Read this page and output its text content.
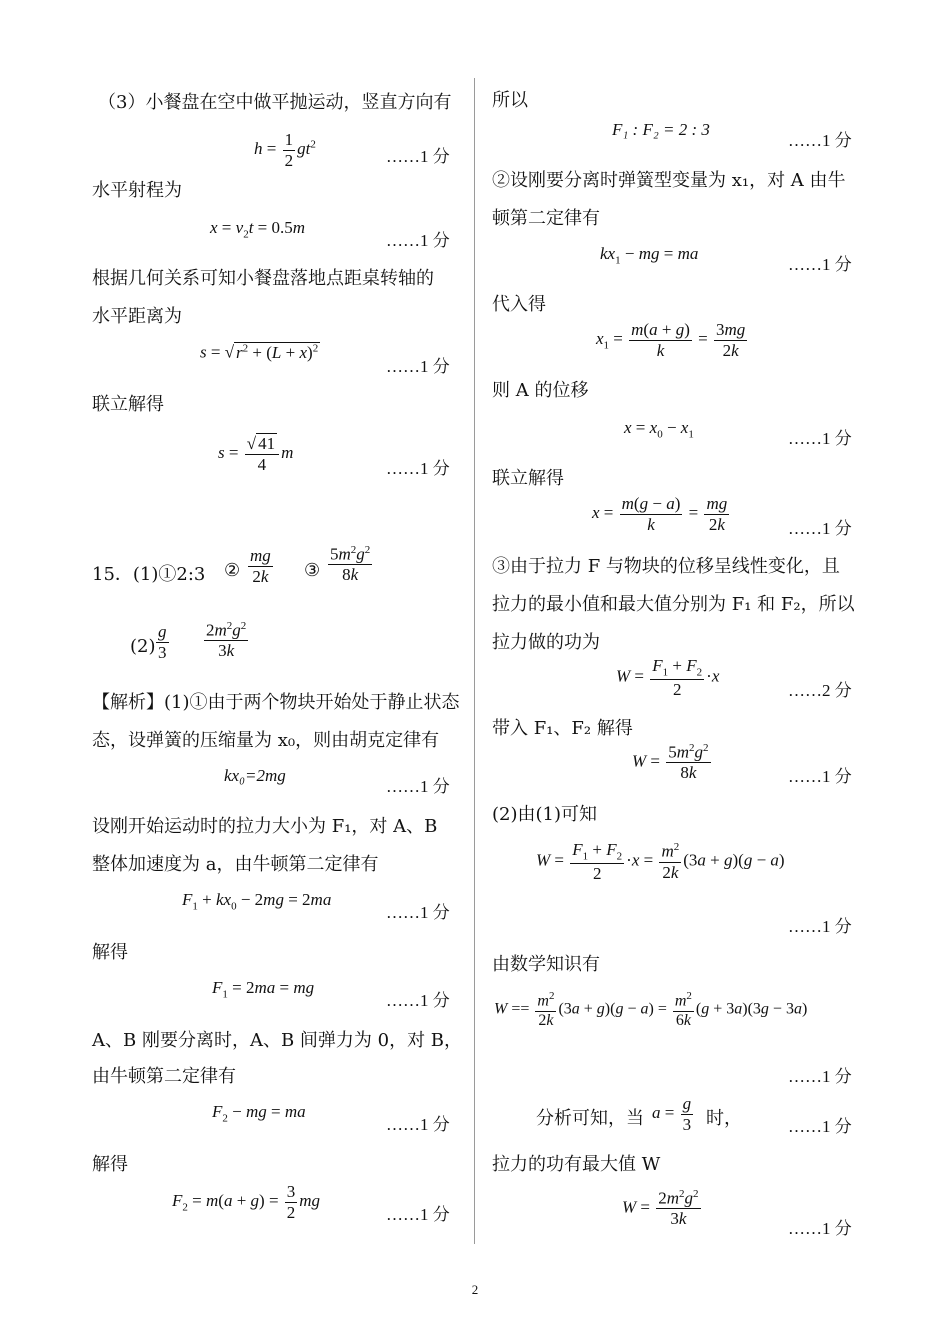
（3）小餐盘在空中做平抛运动，竖直方向有
$h = \frac{1}{2} gt^2$
……1 分
水平射程为
$x = v_2t = 0.5m$
……1 分
根据几何关系可知小餐盘落地点距桌转轴的
水平距离为
s = √ $r^2 + (L + x)^2$
……1 分
联立解得
$s = \frac{√ 41}{4}$ m
……1 分
15．(1)①2:3 ② $\frac{mg}{2k}$ ③ $\frac{5m^2g^2}{8k}$
$(2) \frac{g}{3} \frac{2m^2g^2}{3k}$
【解析】(1)①由于两个物块开始处于静止状态
态，设弹簧的压缩量为 x₀，则由胡克定律有
kx₀=2mg
……1 分
设刚开始运动时的拉力大小为 F₁，对 A、B
整体加速度为 a，由牛顿第二定律有
$F_1 + kx_0 - 2mg = 2ma$
……1 分
解得
$F_1 = 2ma$ = mg
……1 分
A、B 刚要分离时，A、B 间弹力为 0，对 B，
由牛顿第二定律有
$F_2$ − mg = ma
……1 分
解得
$F_2 = m(a + g) = \frac{3}{2}$ mg
……1 分
所以
F₁ : F₂ = 2 : 3
……1 分
②设刚要分离时弹簧型变量为 x₁，对 A 由牛
顿第二定律有
$kx_1$ − mg = ma
……1 分
代入得
$x_1 = \frac{m(a + g)}{k} = \frac{3mg}{2k}$
则 A 的位移
$x = x_0 - x_1$	……1 分
联立解得
$x = \frac{m(g - a)}{k} = \frac{mg}{2k}$	……1 分
③由于拉力 F 与物块的位移呈线性变化，且
拉力的最小值和最大值分别为 F₁ 和 F₂，所以
拉力做的功为
$W = \frac{F_1 + F_2}{2} \cdot x$
……2 分
带入 F₁、F₂ 解得
$W = \frac{5m^2g^2}{8k}$	……1 分
(2)由(1)可知
$W = \frac{F_1 + F_2}{2} \cdot x = \frac{m^2}{2k} (3a + g)(g - a)$
……1 分
由数学知识有
$W == \frac{m^2}{2k} (3a + g)(g - a) = \frac{m^2}{6k} (g + 3a)(3g - 3a)$
……1 分
分析可知，当 $a = \frac{g}{3}$ 时，	……1 分
拉力的功有最大值 W
$W = \frac{2m^2g^2}{3k}$	……1 分
2
